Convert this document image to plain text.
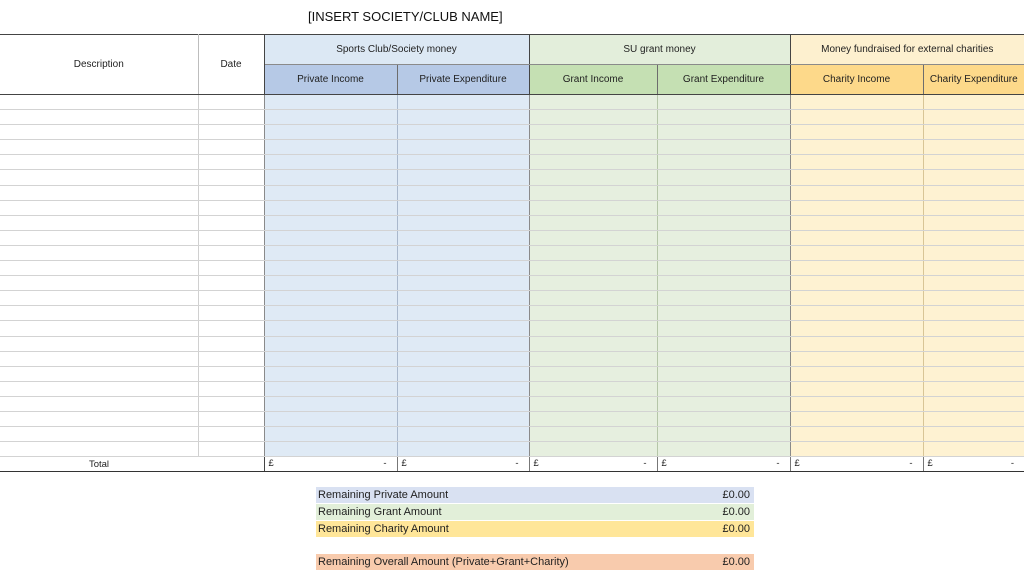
[INSERT SOCIETY/CLUB NAME]
Description	Date	Sports Club/Society money		SU grant money		Money fundraised for external charities	
		Private Income	Private Expenditure	Grant Income	Grant Expenditure	Charity Income	Charity Expenditure

Total		£ -	£ -	£ -	£ -	£ -	£ -
Remaining Private Amount	£0.00
Remaining Grant Amount	£0.00
Remaining Charity Amount	£0.00
Remaining Overall Amount (Private+Grant+Charity)	£0.00
